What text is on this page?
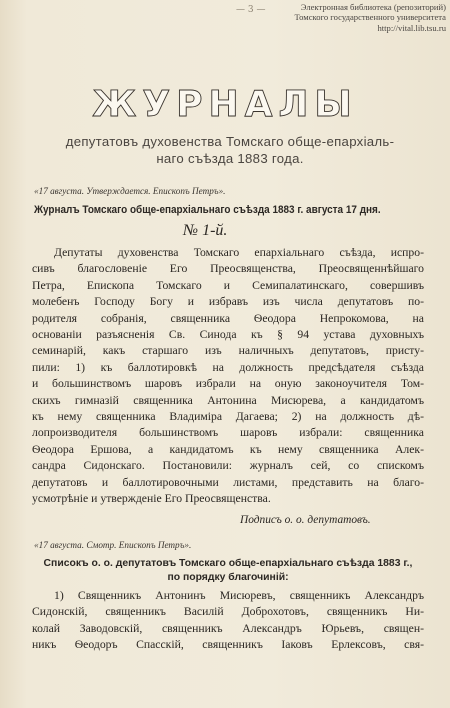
Электронная библиотека (репозиторий)
Томского государственного университета
http://vital.lib.tsu.ru
— 3 —
ЖУРНАЛЫ
депутатовъ духовенства Томскаго обще-епархіаль-
наго съѣзда 1883 года.
«17 августа. Утверждается. Епископъ Петръ».
Журналъ Томскаго обще-епархіальнаго съѣзда 1883 г. августа 17 дня.
№ 1-й.
Депутаты духовенства Томскаго епархіальнаго съѣзда, испро-
сивъ благословеніе Его Преосвященства, Преосвященнѣйшаго
Петра, Епископа Томскаго и Семипалатинскаго, совершивъ
молебенъ Господу Богу и избравъ изъ числа депутатовъ по-
родителя собранія, священника Ѳеодора Непрокомова, на
основаніи разъясненія Св. Синода къ § 94 устава духовныхъ
семинарій, какъ старшаго изъ наличныхъ депутатовъ, присту-
пили: 1) къ баллотировкѣ на должность предсѣдателя съѣзда
и большинствомъ шаровъ избрали на оную законоучителя Том-
скихъ гимназій священника Антонина Мисюрева, а кандидатомъ
къ нему священника Владиміра Дагаева; 2) на должность дѣ-
лопроизводителя большинствомъ шаровъ избрали: священника
Ѳеодора Ершова, а кандидатомъ къ нему священника Алек-
сандра Сидонскаго. Постановили: журналъ сей, со спискомъ
депутатовъ и баллотировочными листами, представить на благо-
усмотрѣніе и утвержденіе Его Преосвященства.
Подписъ о. о. депутатовъ.
«17 августа. Смотр. Епископъ Петръ».
Списокъ о. о. депутатовъ Томскаго обще-епархіальнаго съѣзда 1883 г.,
по порядку благочиній:
1) Священникъ Антонинъ Мисюревъ, священникъ Александръ
Сидонскій, священникъ Василій Доброхотовъ, священникъ Ни-
колай Заводовскій, священникъ Александръ Юрьевъ, священ-
никъ Ѳеодоръ Спасскій, священникъ Іаковъ Ерлексовъ, свя-
